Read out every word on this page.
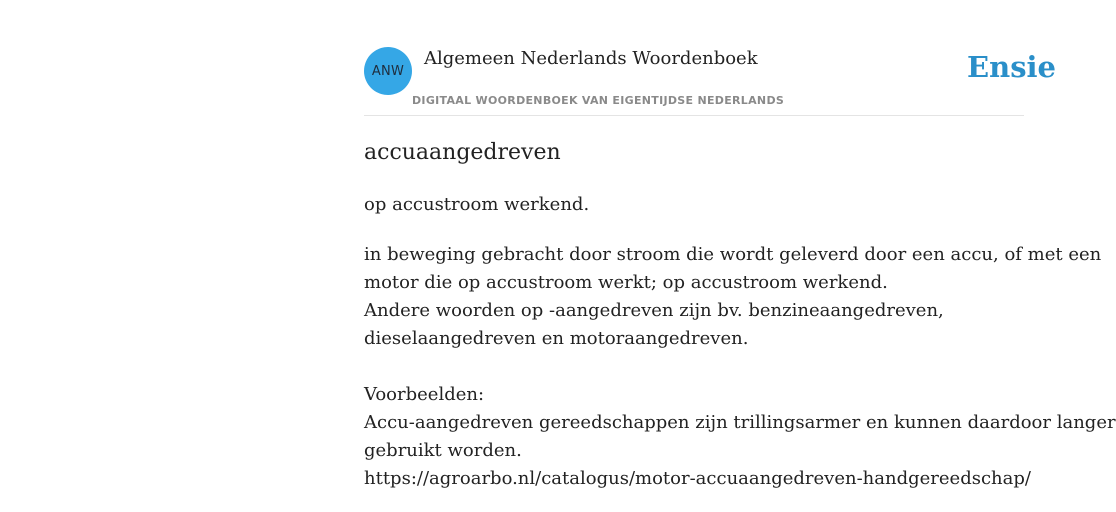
ANW
Algemeen Nederlands Woordenboek
DIGITAAL WOORDENBOEK VAN EIGENTIJDSE NEDERLANDS
Ensie
accuaangedreven
op accustroom werkend.
in beweging gebracht door stroom die wordt geleverd door een accu, of met een
motor die op accustroom werkt; op accustroom werkend.
Andere woorden op -aangedreven zijn bv. benzineaangedreven,
dieselaangedreven en motoraangedreven.
Voorbeelden:
Accu-aangedreven gereedschappen zijn trillingsarmer en kunnen daardoor langer
gebruikt worden.
https://agroarbo.nl/catalogus/motor-accuaangedreven-handgereedschap/
